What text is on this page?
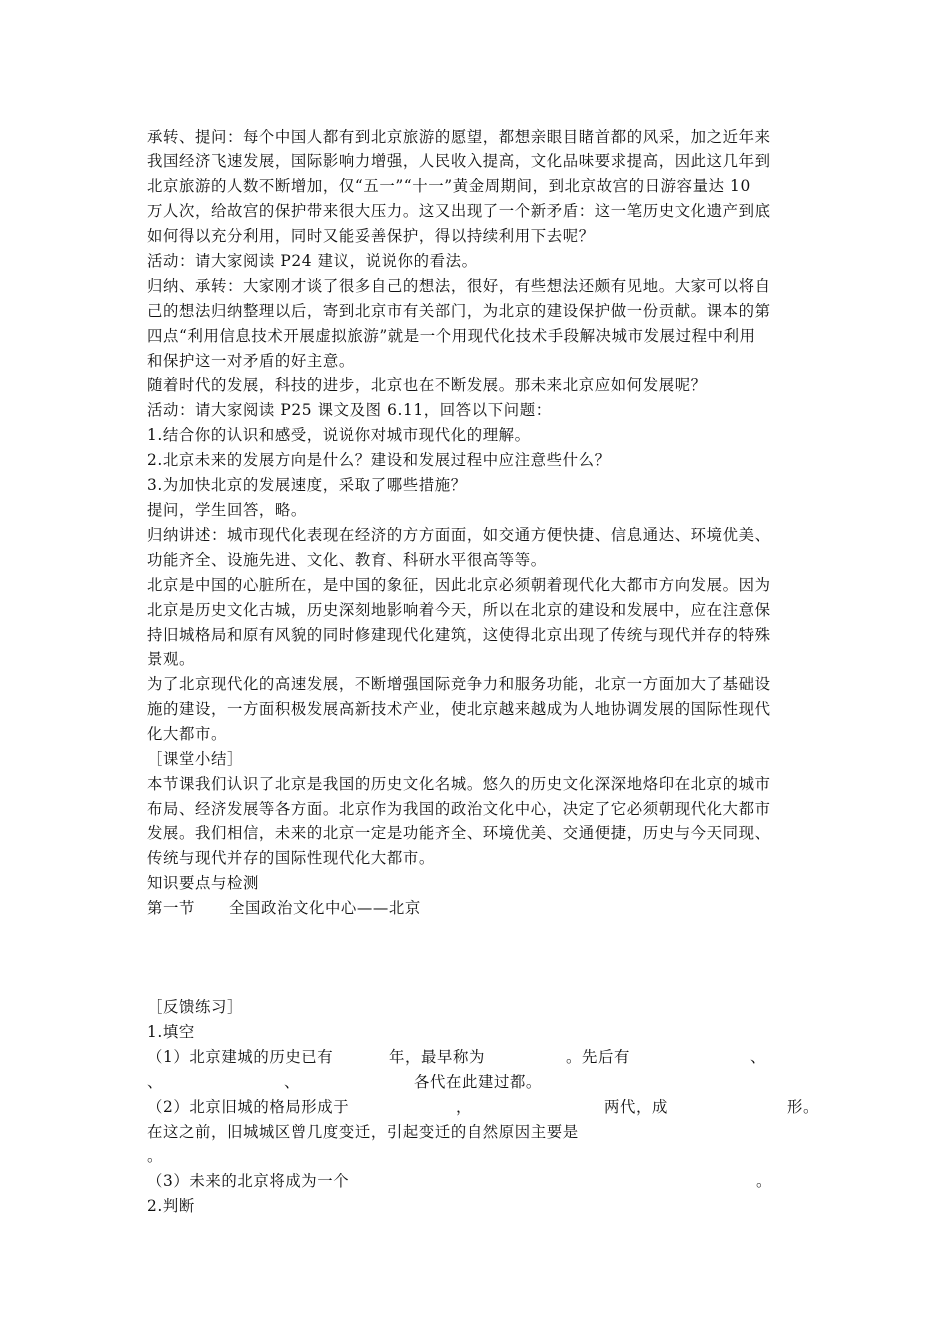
承转、提问：每个中国人都有到北京旅游的愿望，都想亲眼目睹首都的风采，加之近年来
我国经济飞速发展，国际影响力增强，人民收入提高，文化品味要求提高，因此这几年到
北京旅游的人数不断增加，仅“五一”“十一”黄金周期间，到北京故宫的日游容量达 10
万人次，给故宫的保护带来很大压力。这又出现了一个新矛盾：这一笔历史文化遗产到底
如何得以充分利用，同时又能妥善保护，得以持续利用下去呢？
活动：请大家阅读 P24 建议，说说你的看法。
归纳、承转：大家刚才谈了很多自己的想法，很好，有些想法还颇有见地。大家可以将自
己的想法归纳整理以后，寄到北京市有关部门，为北京的建设保护做一份贡献。课本的第
四点“利用信息技术开展虚拟旅游”就是一个用现代化技术手段解决城市发展过程中利用
和保护这一对矛盾的好主意。
随着时代的发展，科技的进步，北京也在不断发展。那未来北京应如何发展呢？
活动：请大家阅读 P25 课文及图 6.11，回答以下问题：
1.结合你的认识和感受，说说你对城市现代化的理解。
2.北京未来的发展方向是什么？建设和发展过程中应注意些什么？
3.为加快北京的发展速度，采取了哪些措施？
提问，学生回答，略。
归纳讲述：城市现代化表现在经济的方方面面，如交通方便快捷、信息通达、环境优美、
功能齐全、设施先进、文化、教育、科研水平很高等等。
北京是中国的心脏所在，是中国的象征，因此北京必须朝着现代化大都市方向发展。因为
北京是历史文化古城，历史深刻地影响着今天，所以在北京的建设和发展中，应在注意保
持旧城格局和原有风貌的同时修建现代化建筑，这使得北京出现了传统与现代并存的特殊
景观。
为了北京现代化的高速发展，不断增强国际竞争力和服务功能，北京一方面加大了基础设
施的建设，一方面积极发展高新技术产业，使北京越来越成为人地协调发展的国际性现代
化大都市。
［课堂小结］
本节课我们认识了北京是我国的历史文化名城。悠久的历史文化深深地烙印在北京的城市
布局、经济发展等各方面。北京作为我国的政治文化中心，决定了它必须朝现代化大都市
发展。我们相信，未来的北京一定是功能齐全、环境优美、交通便捷，历史与今天同现、
传统与现代并存的国际性现代化大都市。
知识要点与检测
第一节 全国政治文化中心——北京
［反馈练习］
1.填空
（1）北京建城的历史已有	年，最早称为	。先后有	、
、	、	各代在此建过都。
（2）北京旧城的格局形成于	，	两代，成	形。
在这之前，旧城城区曾几度变迁，引起变迁的自然原因主要是
。
（3）未来的北京将成为一个	。
2.判断
